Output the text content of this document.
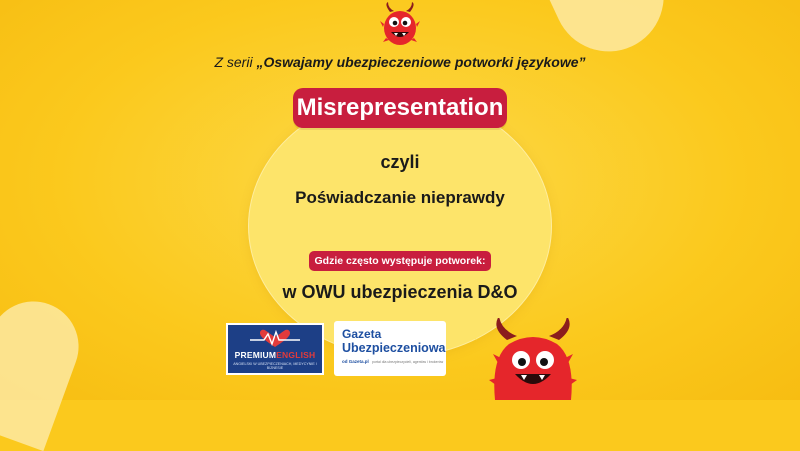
Z serii „Oswajamy ubezpieczeniowe potworki językowe”
Misrepresentation
czyli
Poświadczanie nieprawdy
Gdzie często występuje potworek:
w OWU ubezpieczenia D&O
PREMIUMENGLISH
ANGIELSKI W UBEZPIECZENIACH, MEDYCYNIE I BIZNESIE
Gazeta
Ubezpieczeniowa
od Gazeta.pl portal dla ubezpieczycieli, agentów i brokerów
